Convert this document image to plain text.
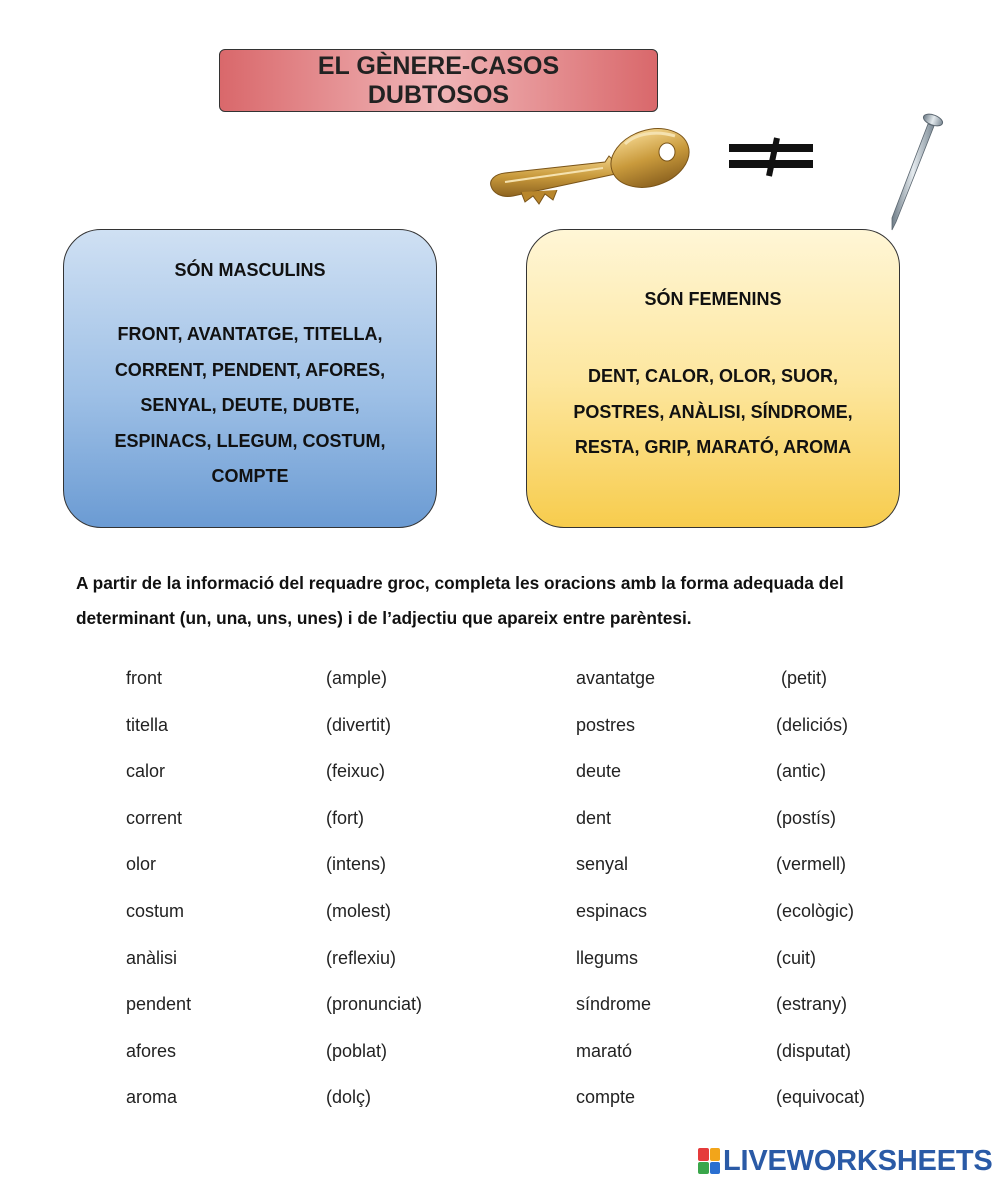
EL GÈNERE-CASOS
DUBTOSOS
SÓN MASCULINS
FRONT, AVANTATGE, TITELLA, CORRENT, PENDENT, AFORES, SENYAL, DEUTE, DUBTE, ESPINACS, LLEGUM, COSTUM, COMPTE
SÓN FEMENINS
DENT, CALOR, OLOR, SUOR, POSTRES, ANÀLISI, SÍNDROME, RESTA, GRIP, MARATÓ, AROMA
A partir de la informació del requadre groc, completa les oracions amb la forma adequada del determinant (un, una, uns, unes) i de l’adjectiu que apareix entre parèntesi.
front	(ample)	avantatge	(petit)
titella	(divertit)	postres	(deliciós)
calor	(feixuc)	deute	(antic)
corrent	(fort)	dent	(postís)
olor	(intens)	senyal	(vermell)
costum	(molest)	espinacs	(ecològic)
anàlisi	(reflexiu)	llegums	(cuit)
pendent	(pronunciat)	síndrome	(estrany)
afores	(poblat)	marató	(disputat)
aroma	(dolç)	compte	(equivocat)
LIVEWORKSHEETS
